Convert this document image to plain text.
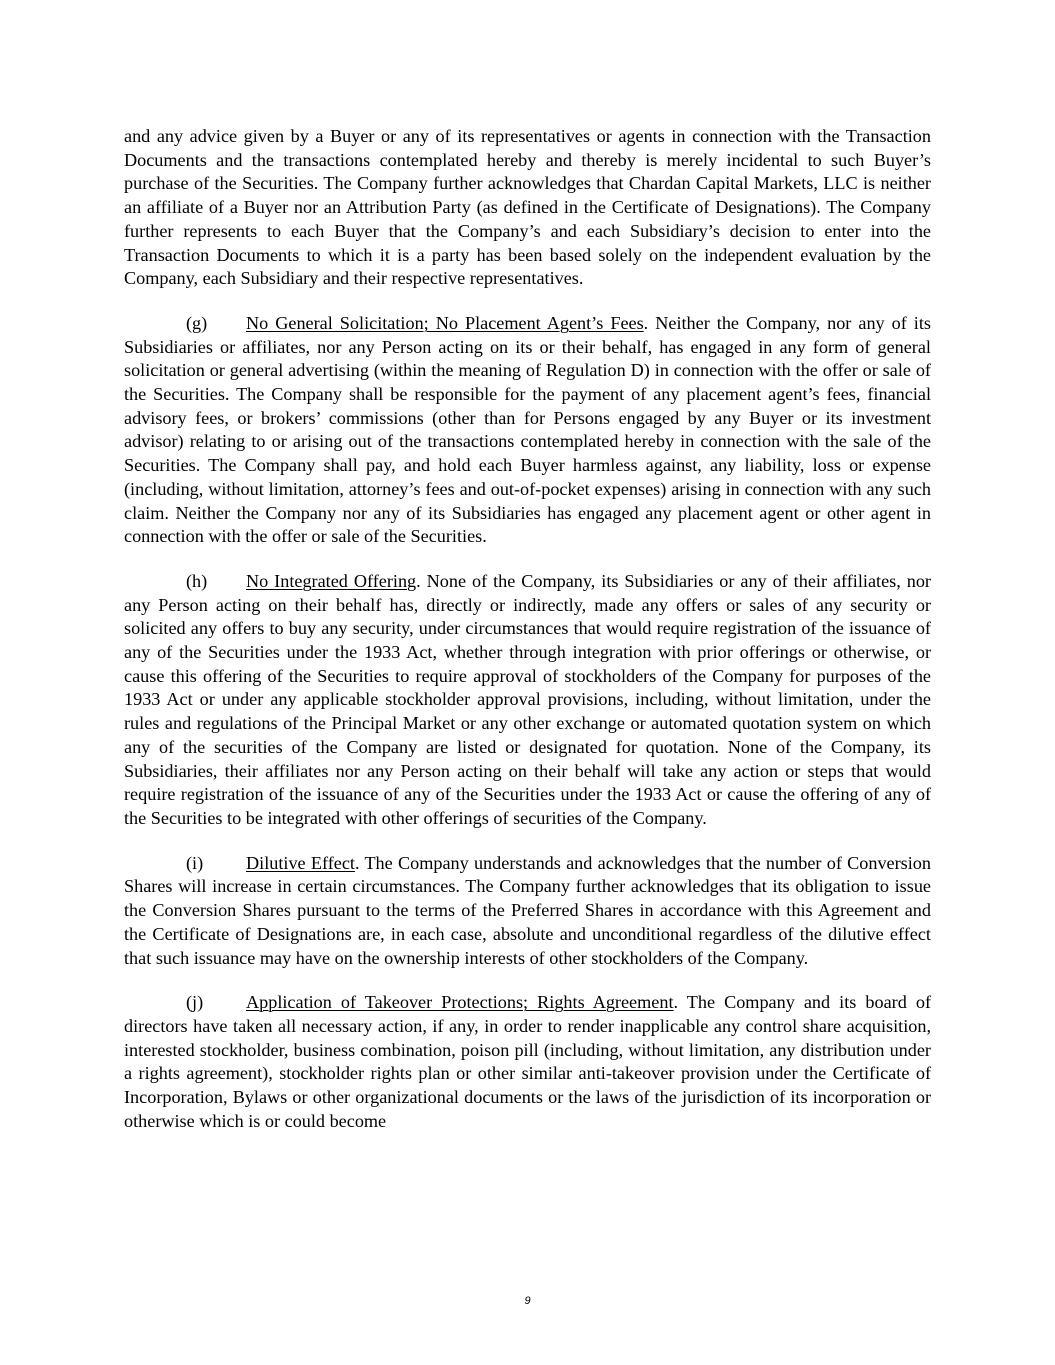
and any advice given by a Buyer or any of its representatives or agents in connection with the Transaction Documents and the transactions contemplated hereby and thereby is merely incidental to such Buyer’s purchase of the Securities. The Company further acknowledges that Chardan Capital Markets, LLC is neither an affiliate of a Buyer nor an Attribution Party (as defined in the Certificate of Designations). The Company further represents to each Buyer that the Company’s and each Subsidiary’s decision to enter into the Transaction Documents to which it is a party has been based solely on the independent evaluation by the Company, each Subsidiary and their respective representatives.

(g) No General Solicitation; No Placement Agent’s Fees. Neither the Company, nor any of its Subsidiaries or affiliates, nor any Person acting on its or their behalf, has engaged in any form of general solicitation or general advertising (within the meaning of Regulation D) in connection with the offer or sale of the Securities. The Company shall be responsible for the payment of any placement agent’s fees, financial advisory fees, or brokers’ commissions (other than for Persons engaged by any Buyer or its investment advisor) relating to or arising out of the transactions contemplated hereby in connection with the sale of the Securities. The Company shall pay, and hold each Buyer harmless against, any liability, loss or expense (including, without limitation, attorney’s fees and out-of-pocket expenses) arising in connection with any such claim. Neither the Company nor any of its Subsidiaries has engaged any placement agent or other agent in connection with the offer or sale of the Securities.

(h) No Integrated Offering. None of the Company, its Subsidiaries or any of their affiliates, nor any Person acting on their behalf has, directly or indirectly, made any offers or sales of any security or solicited any offers to buy any security, under circumstances that would require registration of the issuance of any of the Securities under the 1933 Act, whether through integration with prior offerings or otherwise, or cause this offering of the Securities to require approval of stockholders of the Company for purposes of the 1933 Act or under any applicable stockholder approval provisions, including, without limitation, under the rules and regulations of the Principal Market or any other exchange or automated quotation system on which any of the securities of the Company are listed or designated for quotation. None of the Company, its Subsidiaries, their affiliates nor any Person acting on their behalf will take any action or steps that would require registration of the issuance of any of the Securities under the 1933 Act or cause the offering of any of the Securities to be integrated with other offerings of securities of the Company.

(i) Dilutive Effect. The Company understands and acknowledges that the number of Conversion Shares will increase in certain circumstances. The Company further acknowledges that its obligation to issue the Conversion Shares pursuant to the terms of the Preferred Shares in accordance with this Agreement and the Certificate of Designations are, in each case, absolute and unconditional regardless of the dilutive effect that such issuance may have on the ownership interests of other stockholders of the Company.

(j) Application of Takeover Protections; Rights Agreement. The Company and its board of directors have taken all necessary action, if any, in order to render inapplicable any control share acquisition, interested stockholder, business combination, poison pill (including, without limitation, any distribution under a rights agreement), stockholder rights plan or other similar anti-takeover provision under the Certificate of Incorporation, Bylaws or other organizational documents or the laws of the jurisdiction of its incorporation or otherwise which is or could become

9
